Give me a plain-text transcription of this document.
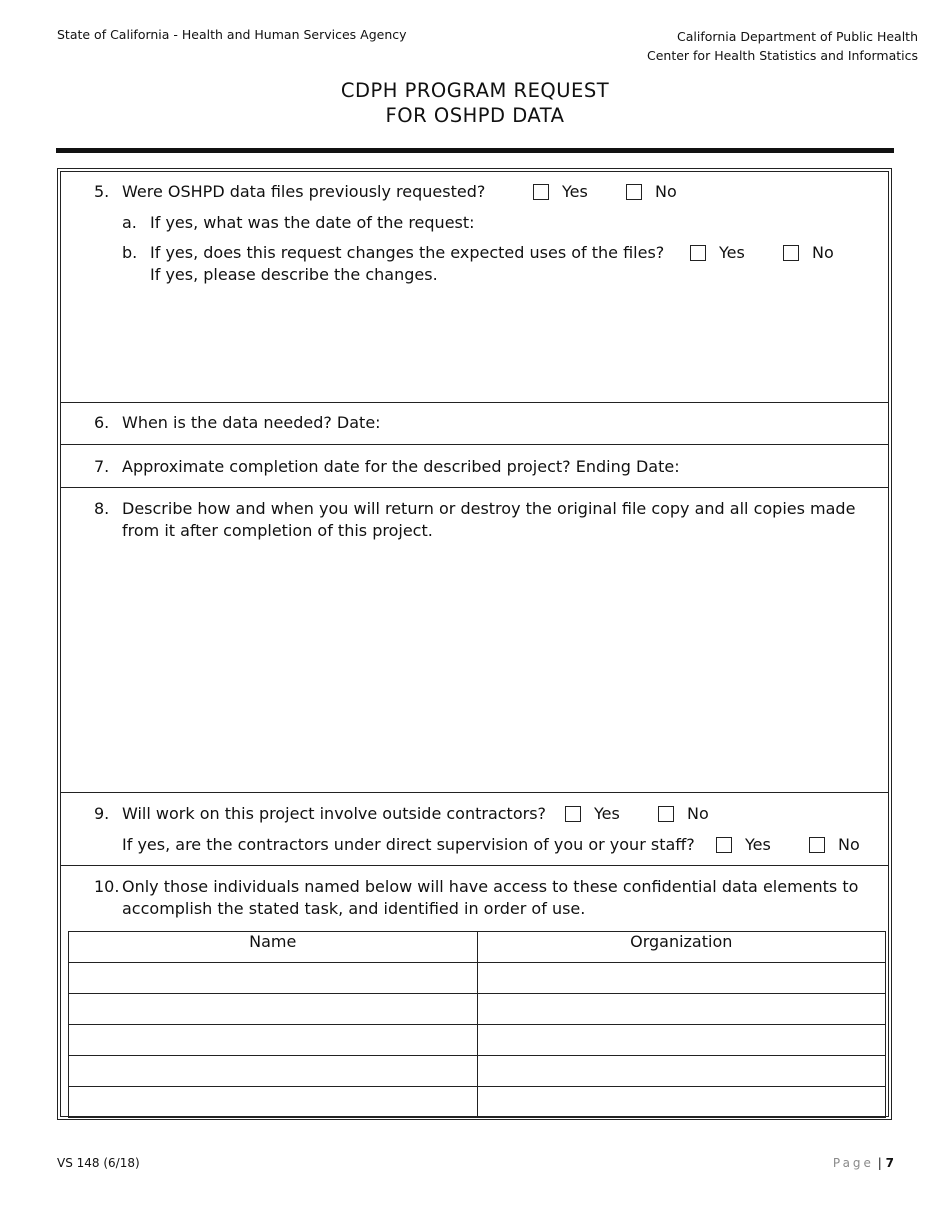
State of California - Health and Human Services Agency	California Department of Public Health
Center for Health Statistics and Informatics
CDPH PROGRAM REQUEST
FOR OSHPD DATA
5. Were OSHPD data files previously requested?	Yes	No
a. If yes, what was the date of the request:
b. If yes, does this request changes the expected uses of the files?	Yes	No
If yes, please describe the changes.
6. When is the data needed? Date:
7. Approximate completion date for the described project? Ending Date:
8. Describe how and when you will return or destroy the original file copy and all copies made
from it after completion of this project.
9. Will work on this project involve outside contractors?	Yes	No
If yes, are the contractors under direct supervision of you or your staff?	Yes	No
10. Only those individuals named below will have access to these confidential data elements to
accomplish the stated task, and identified in order of use.
Name	Organization

VS 148 (6/18)	Page | 7
